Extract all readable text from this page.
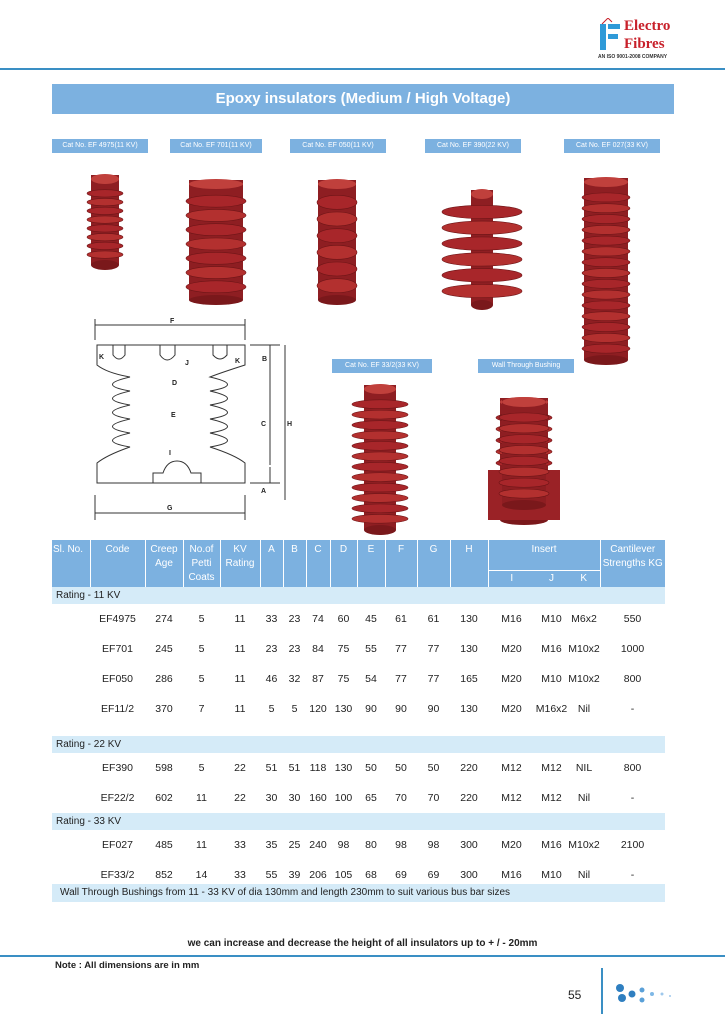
Electro
Fibres
AN ISO 9001-2008 COMPANY
Epoxy insulators (Medium / High Voltage)
Cat No. EF 4975(11 KV)	Cat No. EF 701(11 KV)	Cat No. EF 050(11 KV)	Cat No. EF 390(22 KV)	Cat No. EF 027(33 KV)
Cat No. EF 33/2(33 KV)	Wall Through Bushing
F
K
J	K	B
D
E
C	H
I
A
G
Sl. No.	Code	Creep Age	No.of Petti Coats	KV Rating	A	B	C	D	E	F	G	H	Insert			Cantilever Strengths KG
													I	J	K	
Rating - 11 KV																
	EF4975	274	5	11	33	23	74	60	45	61	61	130	M16	M10	M6x2	550
	EF701	245	5	11	23	23	84	75	55	77	77	130	M20	M16	M10x2	1000
	EF050	286	5	11	46	32	87	75	54	77	77	165	M20	M10	M10x2	800
	EF11/2	370	7	11	5	5	120	130	90	90	90	130	M20	M16x2	Nil	-

Rating - 22 KV																
	EF390	598	5	22	51	51	118	130	50	50	50	220	M12	M12	NIL	800
	EF22/2	602	11	22	30	30	160	100	65	70	70	220	M12	M12	Nil	-
Rating - 33 KV																
	EF027	485	11	33	35	25	240	98	80	98	98	300	M20	M16	M10x2	2100
	EF33/2	852	14	33	55	39	206	105	68	69	69	300	M16	M10	Nil	-
Wall Through Bushings from 11 - 33 KV of dia 130mm and length 230mm to suit various bus bar sizes
we can increase and decrease the height of all insulators up to + / - 20mm
Note : All dimensions are in mm
55
